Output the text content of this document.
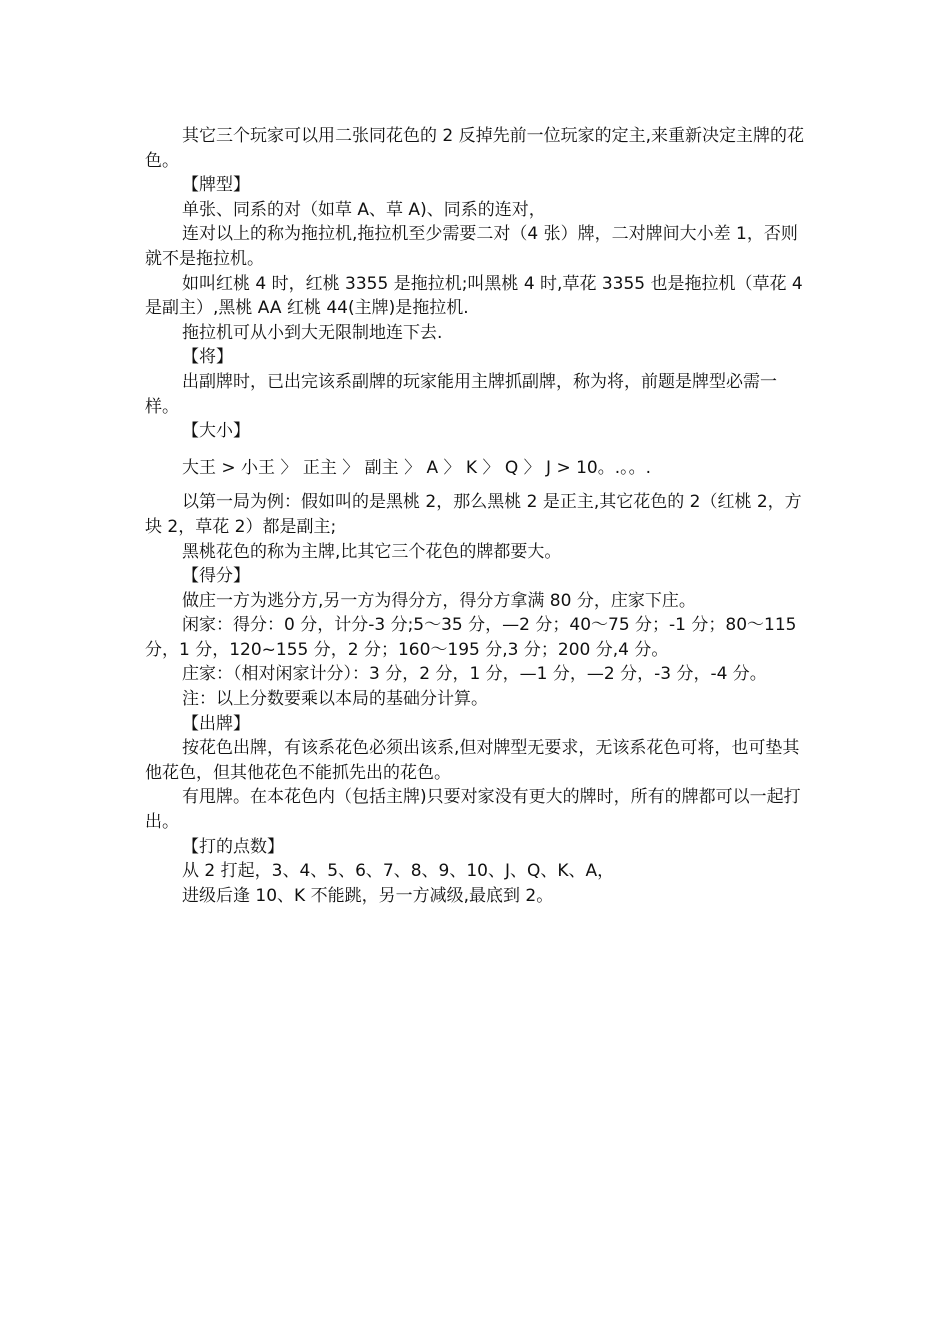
其它三个玩家可以用二张同花色的 2 反掉先前一位玩家的定主,来重新决定主牌的花色。

【牌型】

单张、同系的对（如草 A、草 A)、同系的连对，

连对以上的称为拖拉机,拖拉机至少需要二对（4 张）牌，二对牌间大小差 1，否则就不是拖拉机。

如叫红桃 4 时，红桃 3355 是拖拉机;叫黑桃 4 时,草花 3355 也是拖拉机（草花 4 是副主）,黑桃 AA 红桃 44(主牌)是拖拉机.

拖拉机可从小到大无限制地连下去.

【将】

出副牌时，已出完该系副牌的玩家能用主牌抓副牌，称为将，前题是牌型必需一样。

【大小】

大王 > 小王 〉 正主 〉 副主 〉 A 〉 K 〉 Q 〉 J > 10。.。。.

以第一局为例：假如叫的是黑桃 2，那么黑桃 2 是正主,其它花色的 2（红桃 2，方块 2，草花 2）都是副主;

黑桃花色的称为主牌,比其它三个花色的牌都要大。

【得分】

做庄一方为逃分方,另一方为得分方，得分方拿满 80 分，庄家下庄。

闲家：得分：0 分，计分-3 分;5～35 分，—2 分；40～75 分；-1 分；80～115 分，1 分，120~155 分，2 分；160～195 分,3 分；200 分,4 分。

庄家：（相对闲家计分）：3 分，2 分，1 分，—1 分，—2 分，-3 分，-4 分。

注：以上分数要乘以本局的基础分计算。

【出牌】

按花色出牌，有该系花色必须出该系,但对牌型无要求，无该系花色可将，也可垫其他花色，但其他花色不能抓先出的花色。

有甩牌。在本花色内（包括主牌)只要对家没有更大的牌时，所有的牌都可以一起打出。

【打的点数】

从 2 打起，3、4、5、6、7、8、9、10、J、Q、K、A，

进级后逢 10、K 不能跳，另一方减级,最底到 2。
